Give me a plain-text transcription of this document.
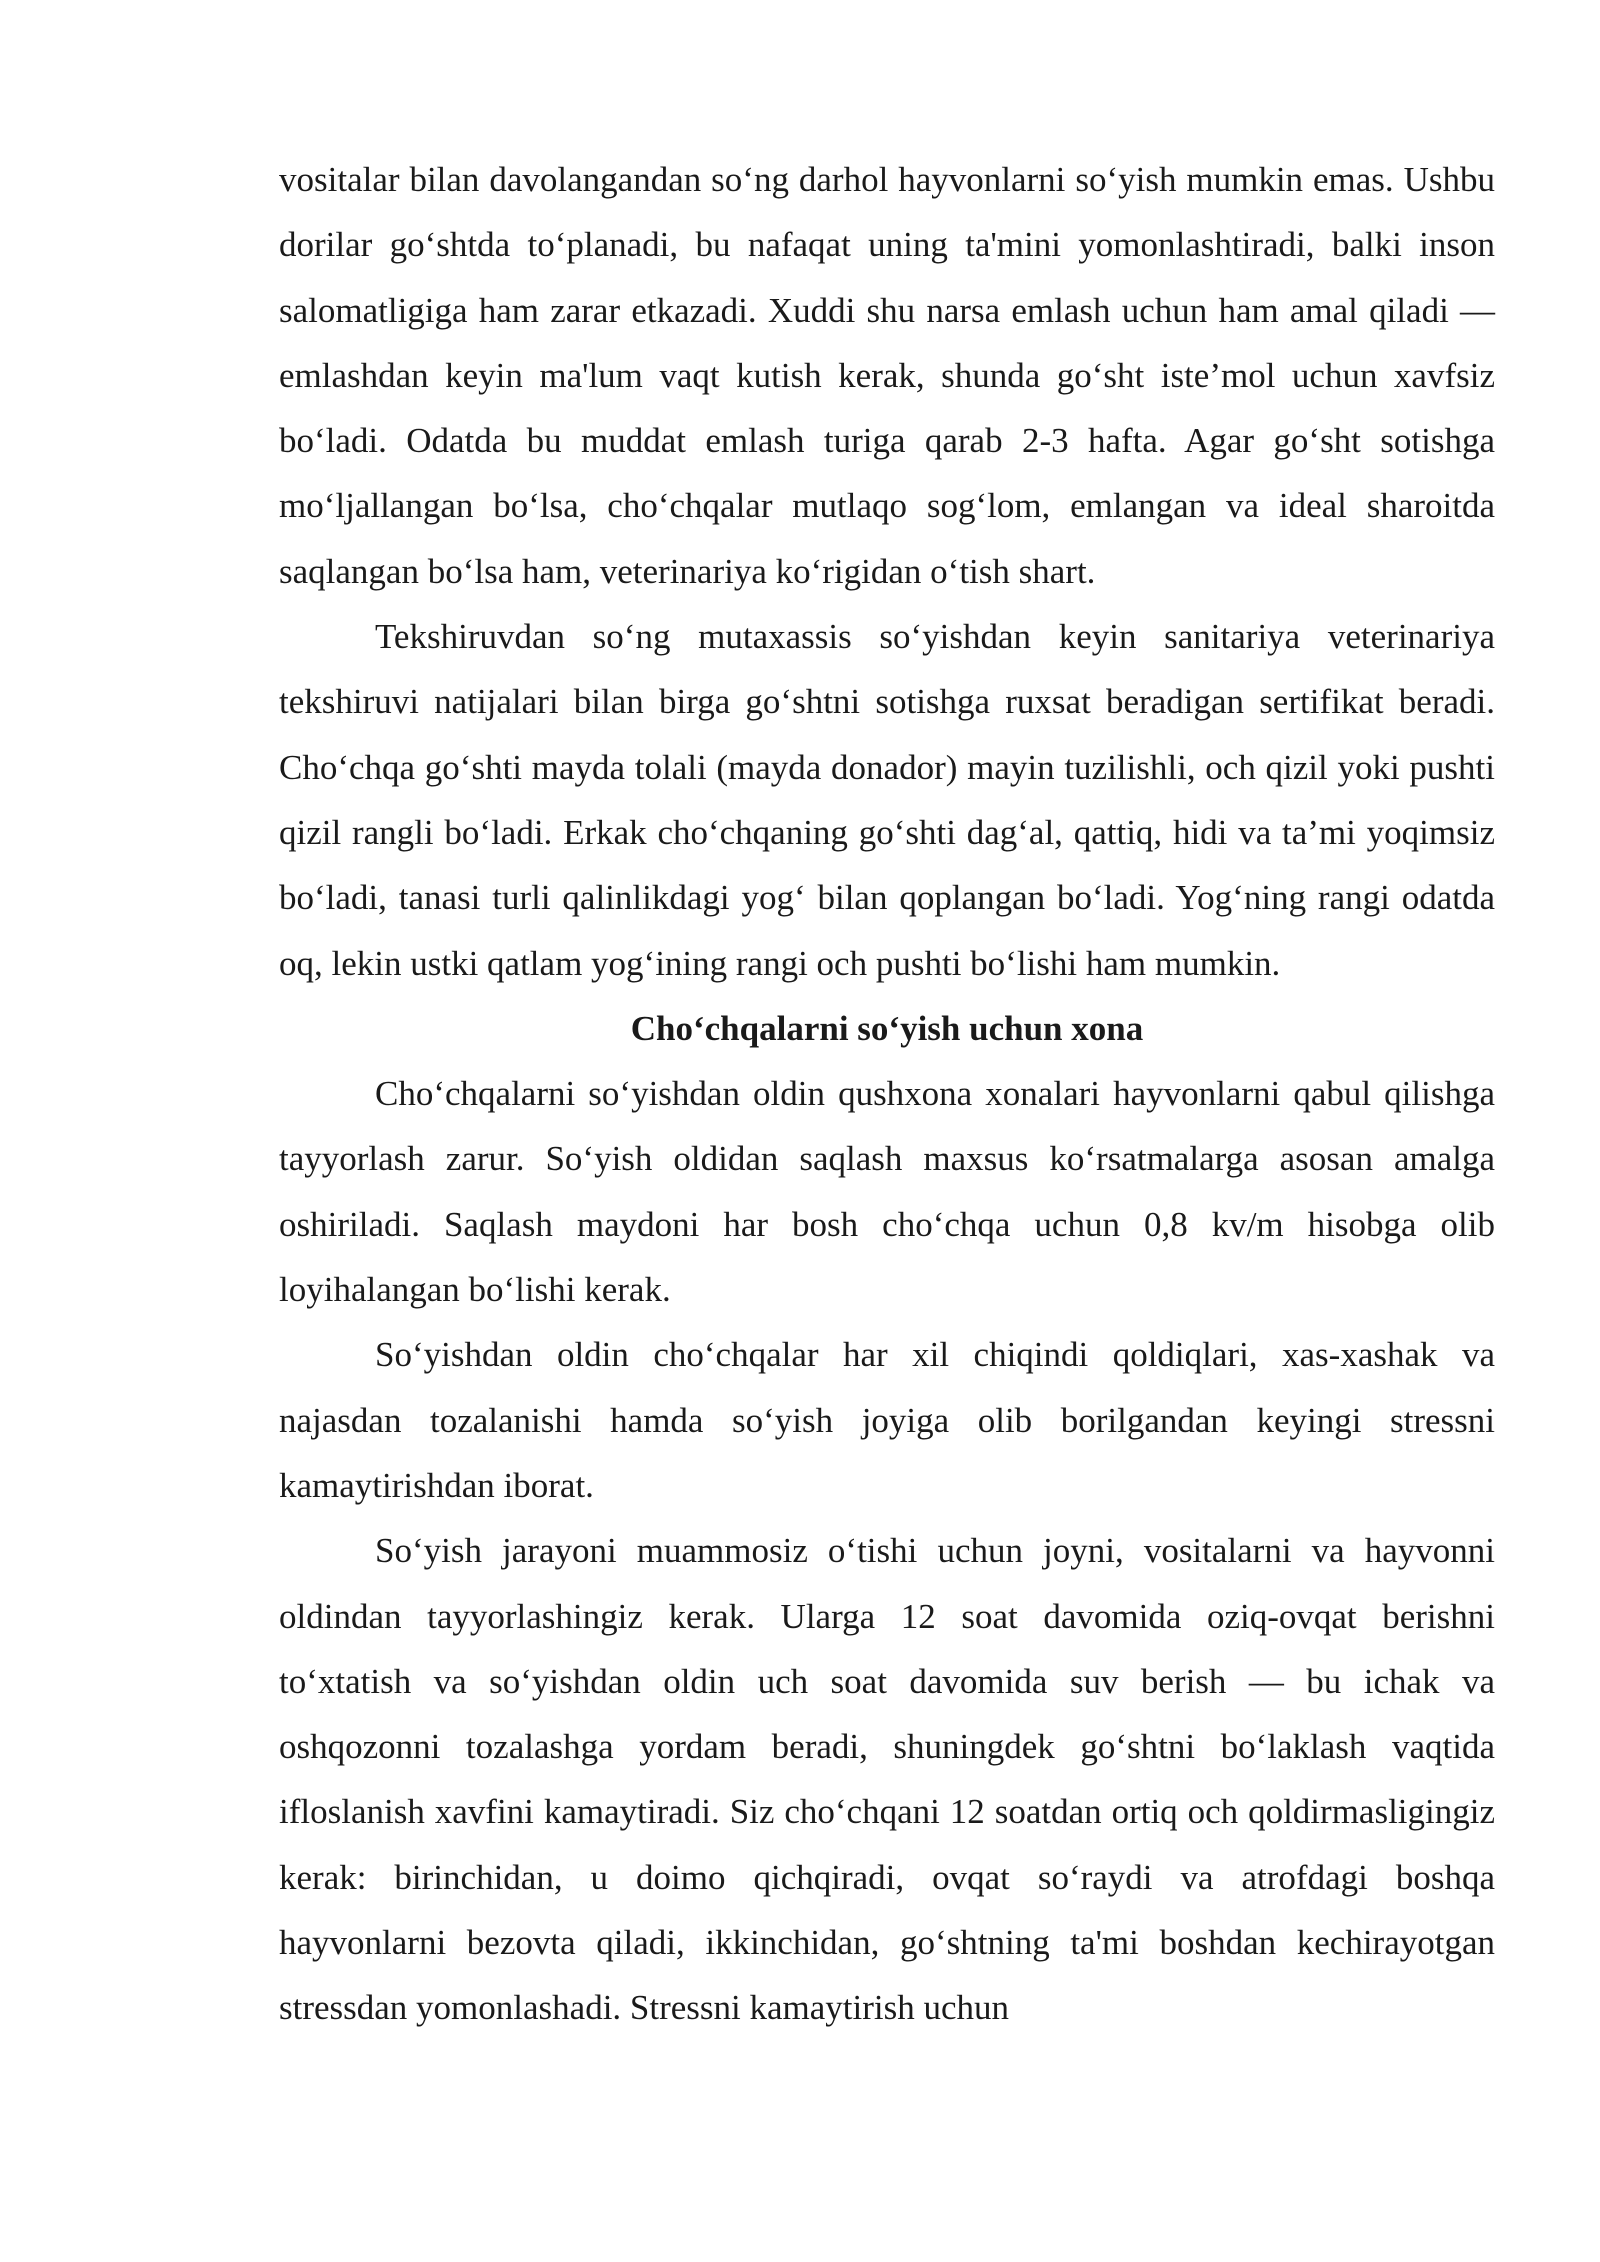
vositalar bilan davolangandan so‘ng darhol hayvonlarni so‘yish mumkin emas. Ushbu dorilar go‘shtda to‘planadi, bu nafaqat uning ta'mini yomonlashtiradi, balki inson salomatligiga ham zarar etkazadi. Xuddi shu narsa emlash uchun ham amal qiladi — emlashdan keyin ma'lum vaqt kutish kerak, shunda go‘sht iste’mol uchun xavfsiz bo‘ladi. Odatda bu muddat emlash turiga qarab 2-3 hafta. Agar go‘sht sotishga mo‘ljallangan bo‘lsa, cho‘chqalar mutlaqo sog‘lom, emlangan va ideal sharoitda saqlangan bo‘lsa ham, veterinariya ko‘rigidan o‘tish shart.

Tekshiruvdan so‘ng mutaxassis so‘yishdan keyin sanitariya veterinariya tekshiruvi natijalari bilan birga go‘shtni sotishga ruxsat beradigan sertifikat beradi. Cho‘chqa go‘shti mayda tolali (mayda donador) mayin tuzilishli, och qizil yoki pushti qizil rangli bo‘ladi. Erkak cho‘chqaning go‘shti dag‘al, qattiq, hidi va ta’mi yoqimsiz bo‘ladi, tanasi turli qalinlikdagi yog‘ bilan qoplangan bo‘ladi. Yog‘ning rangi odatda oq, lekin ustki qatlam yog‘ining rangi och pushti bo‘lishi ham mumkin.

Cho‘chqalarni so‘yish uchun xona

Cho‘chqalarni so‘yishdan oldin qushxona xonalari hayvonlarni qabul qilishga tayyorlash zarur. So‘yish oldidan saqlash maxsus ko‘rsatmalarga asosan amalga oshiriladi. Saqlash maydoni har bosh cho‘chqa uchun 0,8 kv/m hisobga olib loyihalangan bo‘lishi kerak.

So‘yishdan oldin cho‘chqalar har xil chiqindi qoldiqlari, xas-xashak va najasdan tozalanishi hamda so‘yish joyiga olib borilgandan keyingi stressni kamaytirishdan iborat.

So‘yish jarayoni muammosiz o‘tishi uchun joyni, vositalarni va hayvonni oldindan tayyorlashingiz kerak. Ularga 12 soat davomida oziq-ovqat berishni to‘xtatish va so‘yishdan oldin uch soat davomida suv berish — bu ichak va oshqozonni tozalashga yordam beradi, shuningdek go‘shtni bo‘laklash vaqtida ifloslanish xavfini kamaytiradi. Siz cho‘chqani 12 soatdan ortiq och qoldirmasligingiz kerak: birinchidan, u doimo qichqiradi, ovqat so‘raydi va atrofdagi boshqa hayvonlarni bezovta qiladi, ikkinchidan, go‘shtning ta'mi boshdan kechirayotgan stressdan yomonlashadi. Stressni kamaytirish uchun
